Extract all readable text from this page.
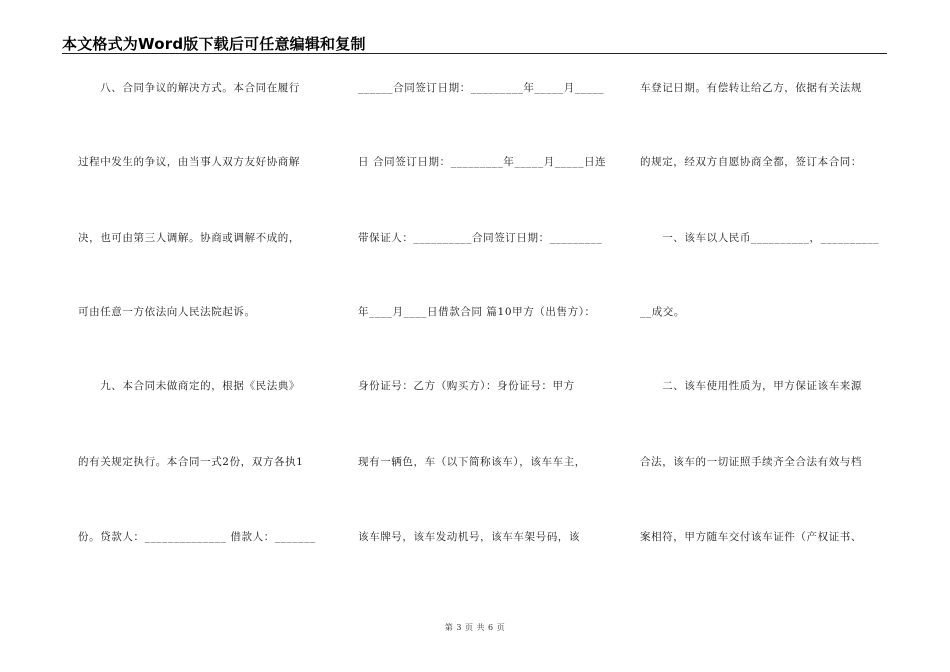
本文格式为Word版下载后可任意编辑和复制
　　八、合同争议的解决方式。本合同在履行
过程中发生的争议，由当事人双方友好协商解
决，也可由第三人调解。协商或调解不成的，
可由任意一方依法向人民法院起诉。
　　九、本合同未做商定的，根据《民法典》
的有关规定执行。本合同一式2份，双方各执1
份。贷款人：______________ 借款人：_______
______合同签订日期：_________年_____月_____
日 合同签订日期：_________年_____月_____日连
带保证人：__________合同签订日期：_________
年____月____日借款合同 篇10甲方（出售方）：
身份证号：乙方（购买方）：身份证号：甲方
现有一辆色，车（以下简称该车），该车车主，
该车牌号，该车发动机号，该车车架号码，该
车登记日期。有偿转让给乙方，依据有关法规
的规定，经双方自愿协商全都，签订本合同：
　　一、该车以人民币__________，__________
__成交。
　　二、该车使用性质为，甲方保证该车来源
合法，该车的一切证照手续齐全合法有效与档
案相符，甲方随车交付该车证件（产权证书、
第 3 页 共 6 页
